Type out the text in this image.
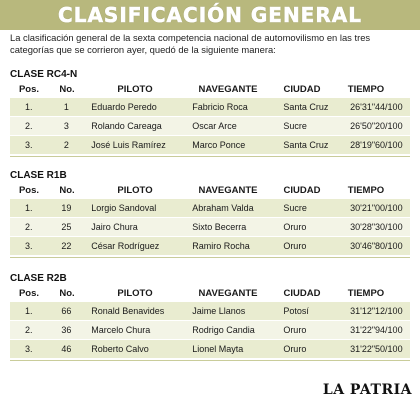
CLASIFICACIÓN GENERAL
La clasificación general de la sexta competencia nacional de automovilismo en las tres categorías que se corrieron ayer, quedó de la siguiente manera:
CLASE RC4-N
Pos.	No.	PILOTO	NAVEGANTE	CIUDAD	TIEMPO
1.	1	Eduardo Peredo	Fabricio Roca	Santa Cruz	26'31"44/100
2.	3	Rolando Careaga	Oscar Arce	Sucre	26'50"20/100
3.	2	José Luis Ramírez	Marco Ponce	Santa Cruz	28'19"60/100
CLASE R1B
Pos.	No.	PILOTO	NAVEGANTE	CIUDAD	TIEMPO
1.	19	Lorgio Sandoval	Abraham Valda	Sucre	30'21"00/100
2.	25	Jairo Chura	Sixto Becerra	Oruro	30'28"30/100
3.	22	César Rodríguez	Ramiro Rocha	Oruro	30'46"80/100
CLASE R2B
Pos.	No.	PILOTO	NAVEGANTE	CIUDAD	TIEMPO
1.	66	Ronald Benavides	Jaime Llanos	Potosí	31'12"12/100
2.	36	Marcelo Chura	Rodrigo Candia	Oruro	31'22"94/100
3.	46	Roberto Calvo	Lionel Mayta	Oruro	31'22"50/100
LA PATRIA
